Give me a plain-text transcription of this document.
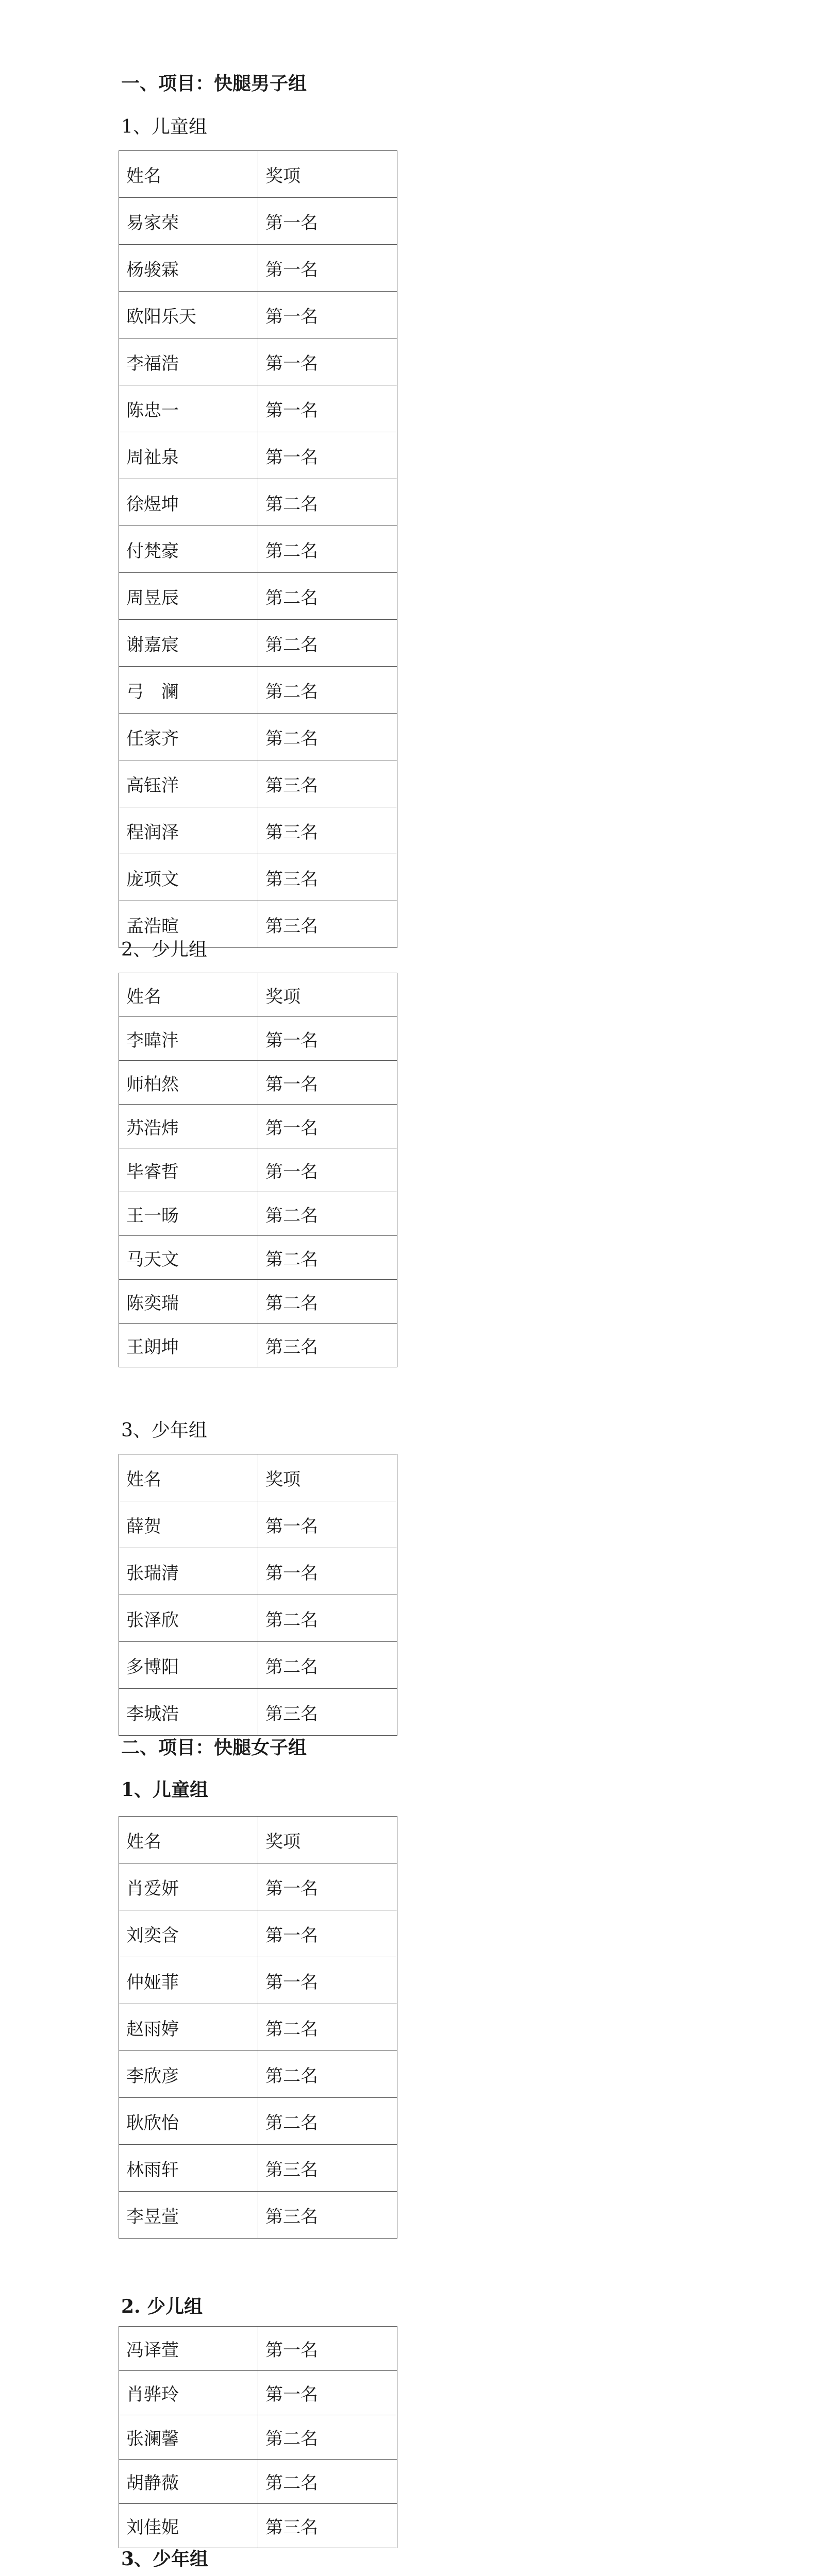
一、项目：快腿男子组
1、儿童组
姓名	奖项
易家荣	第一名
杨骏霖	第一名
欧阳乐天	第一名
李福浩	第一名
陈忠一	第一名
周祉泉	第一名
徐煜坤	第二名
付梵豪	第二名
周昱辰	第二名
谢嘉宸	第二名
弓　澜	第二名
任家齐	第二名
高钰洋	第三名
程润泽	第三名
庞项文	第三名
孟浩暄	第三名
2、少儿组
姓名	奖项
李暐沣	第一名
师柏然	第一名
苏浩炜	第一名
毕睿哲	第一名
王一旸	第二名
马天文	第二名
陈奕瑞	第二名
王朗坤	第三名
3、少年组
姓名	奖项
薛贺	第一名
张瑞清	第一名
张泽欣	第二名
多博阳	第二名
李城浩	第三名
二、项目：快腿女子组
1、儿童组
姓名	奖项
肖爱妍	第一名
刘奕含	第一名
仲娅菲	第一名
赵雨婷	第二名
李欣彦	第二名
耿欣怡	第二名
林雨轩	第三名
李昱萱	第三名
2. 少儿组
冯译萱	第一名
肖骅玲	第一名
张澜馨	第二名
胡静薇	第二名
刘佳妮	第三名
3、少年组
